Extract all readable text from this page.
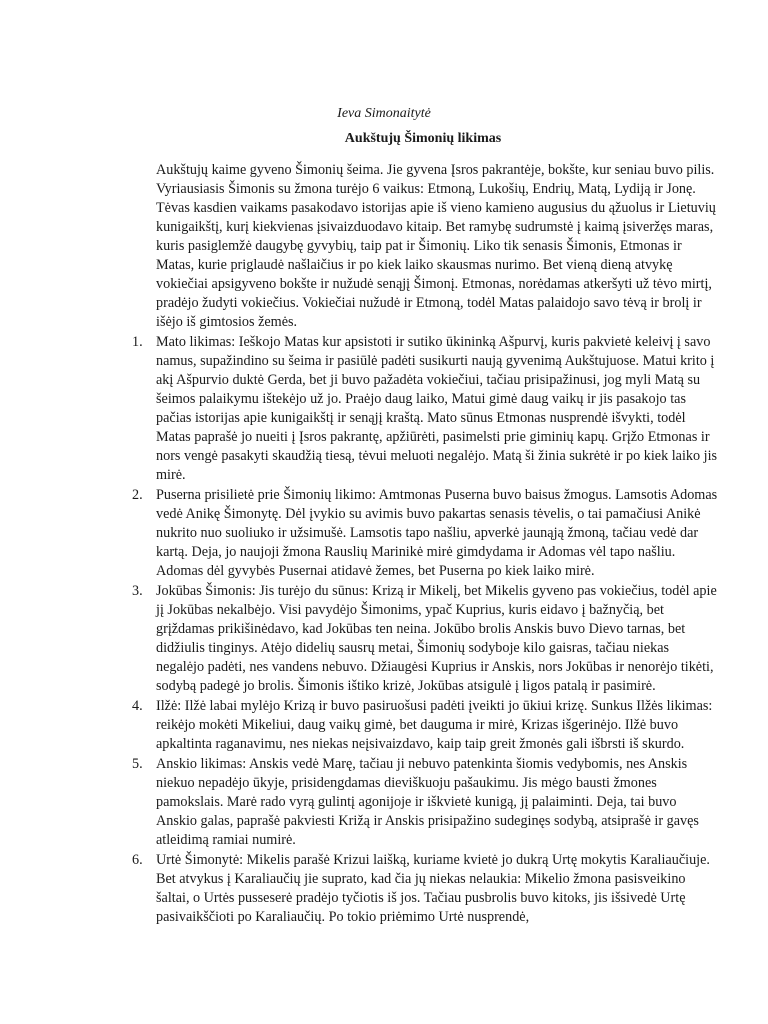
Ieva Simonaitytė
Aukštujų Šimonių likimas

Aukštujų kaime gyveno Šimonių šeima. Jie gyvena Įsros pakrantėje, bokšte, kur seniau buvo pilis. Vyriausiasis Šimonis su žmona turėjo 6 vaikus: Etmoną, Lukošių, Endrių, Matą, Lydiją ir Jonę. Tėvas kasdien vaikams pasakodavo istorijas apie iš vieno kamieno augusius du ąžuolus ir Lietuvių kunigaikštį, kurį kiekvienas įsivaizduodavo kitaip. Bet ramybę sudrumstė į kaimą įsiveržęs maras, kuris pasiglemžė daugybę gyvybių, taip pat ir Šimonių. Liko tik senasis Šimonis, Etmonas ir Matas, kurie priglaudė našlaičius ir po kiek laiko skausmas nurimo. Bet vieną dieną atvykę vokiečiai apsigyveno bokšte ir nužudė senąjį Šimonį. Etmonas, norėdamas atkeršyti už tėvo mirtį, pradėjo žudyti vokiečius. Vokiečiai nužudė ir Etmoną, todėl Matas palaidojo savo tėvą ir brolį ir išėjo iš gimtosios žemės.

1. Mato likimas: Ieškojo Matas kur apsistoti ir sutiko ūkininką Ašpurvį, kuris pakvietė keleivį į savo namus, supažindino su šeima ir pasiūlė padėti susikurti naują gyvenimą Aukštujuose. Matui krito į akį Ašpurvio duktė Gerda, bet ji buvo pažadėta vokiečiui, tačiau prisipažinusi, jog myli Matą su šeimos palaikymu ištekėjo už jo. Praėjo daug laiko, Matui gimė daug vaikų ir jis pasakojo tas pačias istorijas apie kunigaikštį ir senąjį kraštą. Mato sūnus Etmonas nusprendė išvykti, todėl Matas paprašė jo nueiti į Įsros pakrantę, apžiūrėti, pasimelsti prie giminių kapų. Grįžo Etmonas ir nors vengė pasakyti skaudžią tiesą, tėvui meluoti negalėjo. Matą ši žinia sukrėtė ir po kiek laiko jis mirė.
2. Puserna prisilietė prie Šimonių likimo: Amtmonas Puserna buvo baisus žmogus. Lamsotis Adomas vedė Anikę Šimonytę. Dėl įvykio su avimis buvo pakartas senasis tėvelis, o tai pamačiusi Anikė nukrito nuo suoliuko ir užsimušė. Lamsotis tapo našliu, apverkė jaunąją žmoną, tačiau vedė dar kartą. Deja, jo naujoji žmona Rauslių Marinikė mirė gimdydama ir Adomas vėl tapo našliu. Adomas dėl gyvybės Pusernai atidavė žemes, bet Puserna po kiek laiko mirė.
3. Jokūbas Šimonis: Jis turėjo du sūnus: Krizą ir Mikelį, bet Mikelis gyveno pas vokiečius, todėl apie jį Jokūbas nekalbėjo. Visi pavydėjo Šimonims, ypač Kuprius, kuris eidavo į bažnyčią, bet grįždamas prikišinėdavo, kad Jokūbas ten neina. Jokūbo brolis Anskis buvo Dievo tarnas, bet didžiulis tinginys. Atėjo didelių sausrų metai, Šimonių sodyboje kilo gaisras, tačiau niekas negalėjo padėti, nes vandens nebuvo. Džiaugėsi Kuprius ir Anskis, nors Jokūbas ir nenorėjo tikėti, sodybą padegė jo brolis. Šimonis ištiko krizė, Jokūbas atsigulė į ligos patalą ir pasimirė.
4. Ilžė: Ilžė labai mylėjo Krizą ir buvo pasiruošusi padėti įveikti jo ūkiui krizę. Sunkus Ilžės likimas: reikėjo mokėti Mikeliui, daug vaikų gimė, bet dauguma ir mirė, Krizas išgerinėjo. Ilžė buvo apkaltinta raganavimu, nes niekas neįsivaizdavo, kaip taip greit žmonės gali išbrsti iš skurdo.
5. Anskio likimas: Anskis vedė Marę, tačiau ji nebuvo patenkinta šiomis vedybomis, nes Anskis niekuo nepadėjo ūkyje, prisidengdamas dieviškuoju pašaukimu. Jis mėgo bausti žmones pamokslais. Marė rado vyrą gulintį agonijoje ir iškvietė kunigą, jį palaiminti. Deja, tai buvo Anskio galas, paprašė pakviesti Križą ir Anskis prisipažino sudeginęs sodybą, atsiprašė ir gavęs atleidimą ramiai numirė.
6. Urtė Šimonytė: Mikelis parašė Krizui laišką, kuriame kvietė jo dukrą Urtę mokytis Karaliaučiuje. Bet atvykus į Karaliaučių jie suprato, kad čia jų niekas nelaukia: Mikelio žmona pasisveikino šaltai, o Urtės pusseserė pradėjo tyčiotis iš jos. Tačiau pusbrolis buvo kitoks, jis išsivedė Urtę pasivaikščioti po Karaliaučių. Po tokio priėmimo Urtė nusprendė,
